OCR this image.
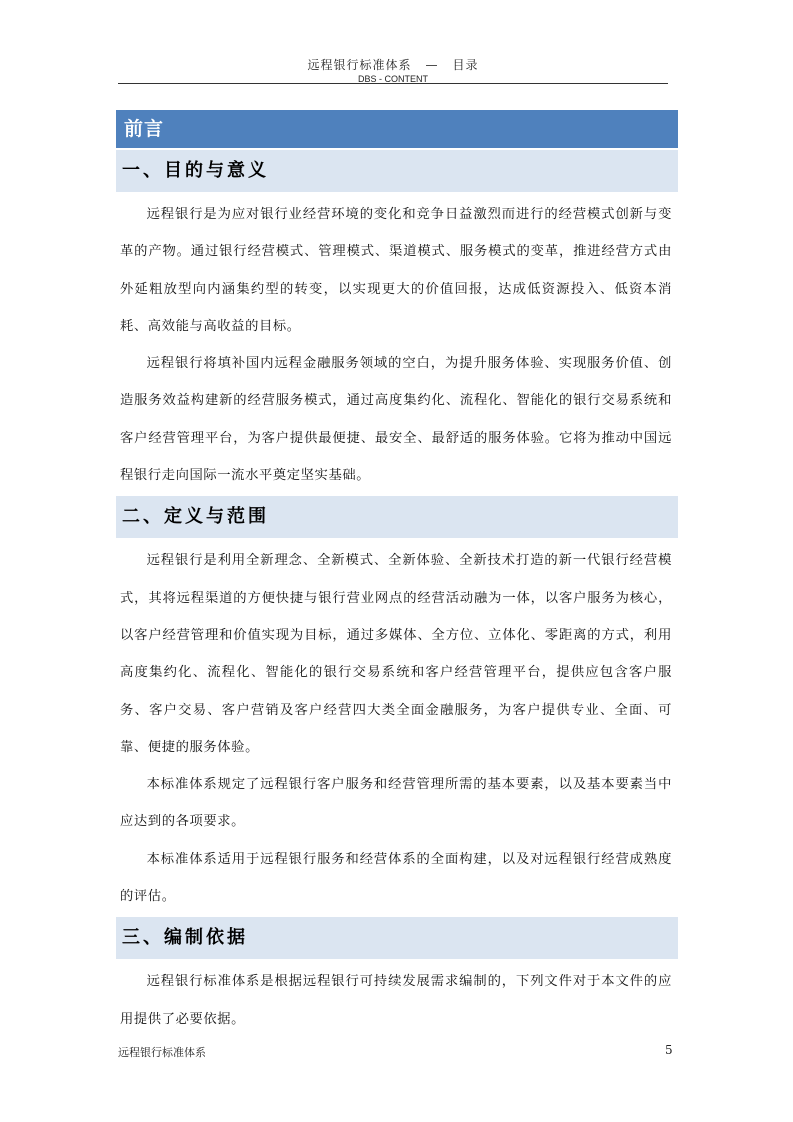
远程银行标准体系 — 目录
DBS - CONTENT
前言
一、目的与意义

远程银行是为应对银行业经营环境的变化和竞争日益激烈而进行的经营模式创新与变革的产物。通过银行经营模式、管理模式、渠道模式、服务模式的变革，推进经营方式由外延粗放型向内涵集约型的转变，以实现更大的价值回报，达成低资源投入、低资本消耗、高效能与高收益的目标。

远程银行将填补国内远程金融服务领域的空白，为提升服务体验、实现服务价值、创造服务效益构建新的经营服务模式，通过高度集约化、流程化、智能化的银行交易系统和客户经营管理平台，为客户提供最便捷、最安全、最舒适的服务体验。它将为推动中国远程银行走向国际一流水平奠定坚实基础。

二、定义与范围

远程银行是利用全新理念、全新模式、全新体验、全新技术打造的新一代银行经营模式，其将远程渠道的方便快捷与银行营业网点的经营活动融为一体，以客户服务为核心，以客户经营管理和价值实现为目标，通过多媒体、全方位、立体化、零距离的方式，利用高度集约化、流程化、智能化的银行交易系统和客户经营管理平台，提供应包含客户服务、客户交易、客户营销及客户经营四大类全面金融服务，为客户提供专业、全面、可靠、便捷的服务体验。

本标准体系规定了远程银行客户服务和经营管理所需的基本要素，以及基本要素当中应达到的各项要求。

本标准体系适用于远程银行服务和经营体系的全面构建，以及对远程银行经营成熟度的评估。

三、编制依据

远程银行标准体系是根据远程银行可持续发展需求编制的，下列文件对于本文件的应用提供了必要依据。

远程银行标准体系	5
